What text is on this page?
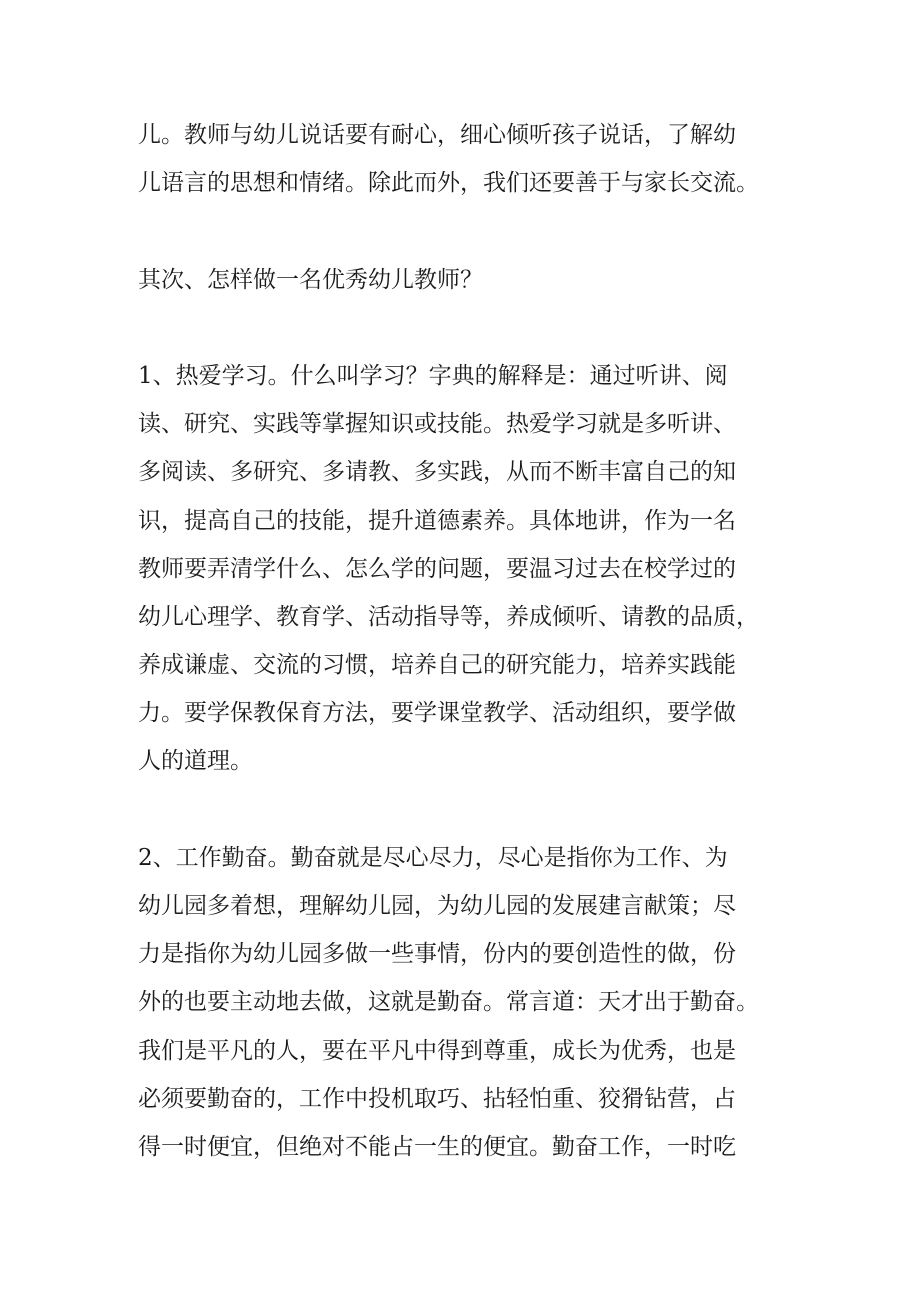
儿。教师与幼儿说话要有耐心，细心倾听孩子说话，了解幼
儿语言的思想和情绪。除此而外，我们还要善于与家长交流。
其次、怎样做一名优秀幼儿教师？
1、热爱学习。什么叫学习？字典的解释是：通过听讲、阅
读、研究、实践等掌握知识或技能。热爱学习就是多听讲、
多阅读、多研究、多请教、多实践，从而不断丰富自己的知
识，提高自己的技能，提升道德素养。具体地讲，作为一名
教师要弄清学什么、怎么学的问题，要温习过去在校学过的
幼儿心理学、教育学、活动指导等，养成倾听、请教的品质，
养成谦虚、交流的习惯，培养自己的研究能力，培养实践能
力。要学保教保育方法，要学课堂教学、活动组织，要学做
人的道理。
2、工作勤奋。勤奋就是尽心尽力，尽心是指你为工作、为
幼儿园多着想，理解幼儿园，为幼儿园的发展建言献策；尽
力是指你为幼儿园多做一些事情，份内的要创造性的做，份
外的也要主动地去做，这就是勤奋。常言道：天才出于勤奋。
我们是平凡的人，要在平凡中得到尊重，成长为优秀，也是
必须要勤奋的，工作中投机取巧、拈轻怕重、狡猾钻营，占
得一时便宜，但绝对不能占一生的便宜。勤奋工作，一时吃
